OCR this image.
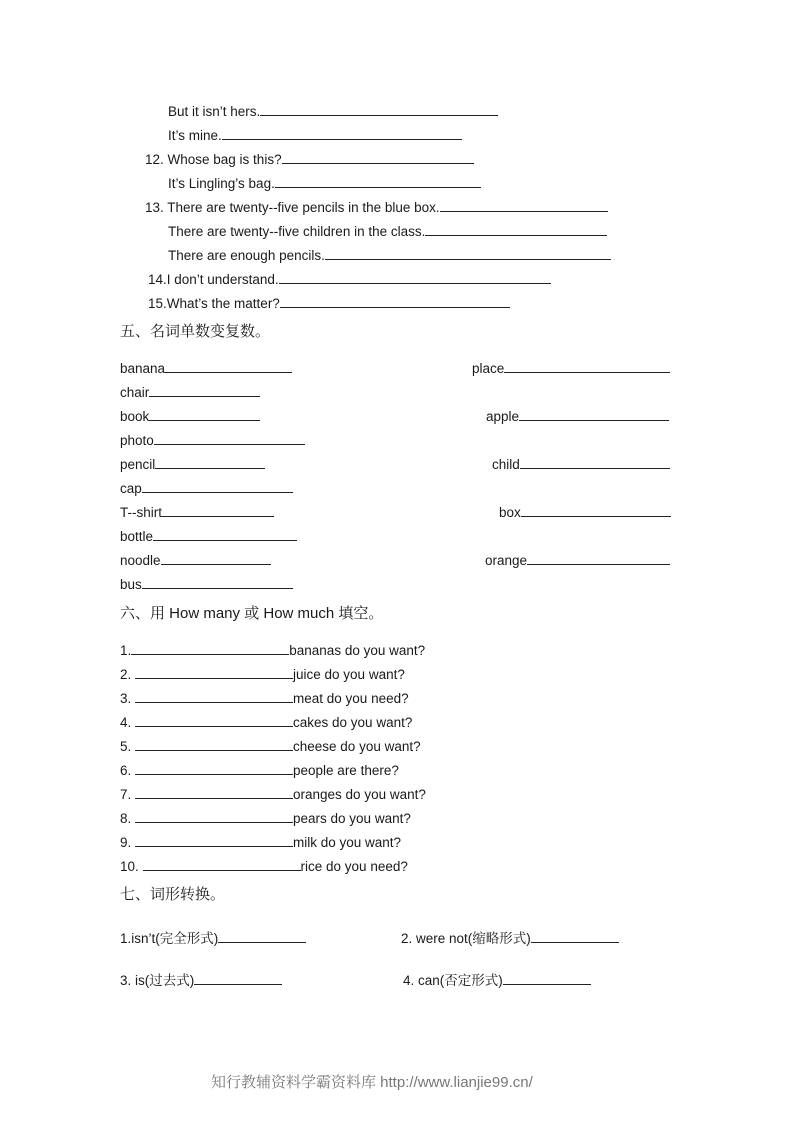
But it isn’t hers.
It’s mine.
12. Whose bag is this?
It’s Lingling’s bag.
13. There are twenty--five pencils in the blue box.
There are twenty--five children in the class.
There are enough pencils.
14.I don’t understand.
15.What’s the matter?
五、名词单数变复数。
banana	place
chair
book	apple
photo
pencil	child
cap
T--shirt	box
bottle
noodle	orange
bus
六、用 How many 或 How much 填空。
1.	bananas do you want?
2.	juice do you want?
3.	meat do you need?
4.	cakes do you want?
5.	cheese do you want?
6.	people are there?
7.	oranges do you want?
8.	pears do you want?
9.	milk do you want?
10.	rice do you need?
七、词形转换。
1.isn’t(完全形式)	2. were not(缩略形式)
3. is(过去式)	4. can(否定形式)
知行教辅资料学霸资料库 http://www.lianjie99.cn/
